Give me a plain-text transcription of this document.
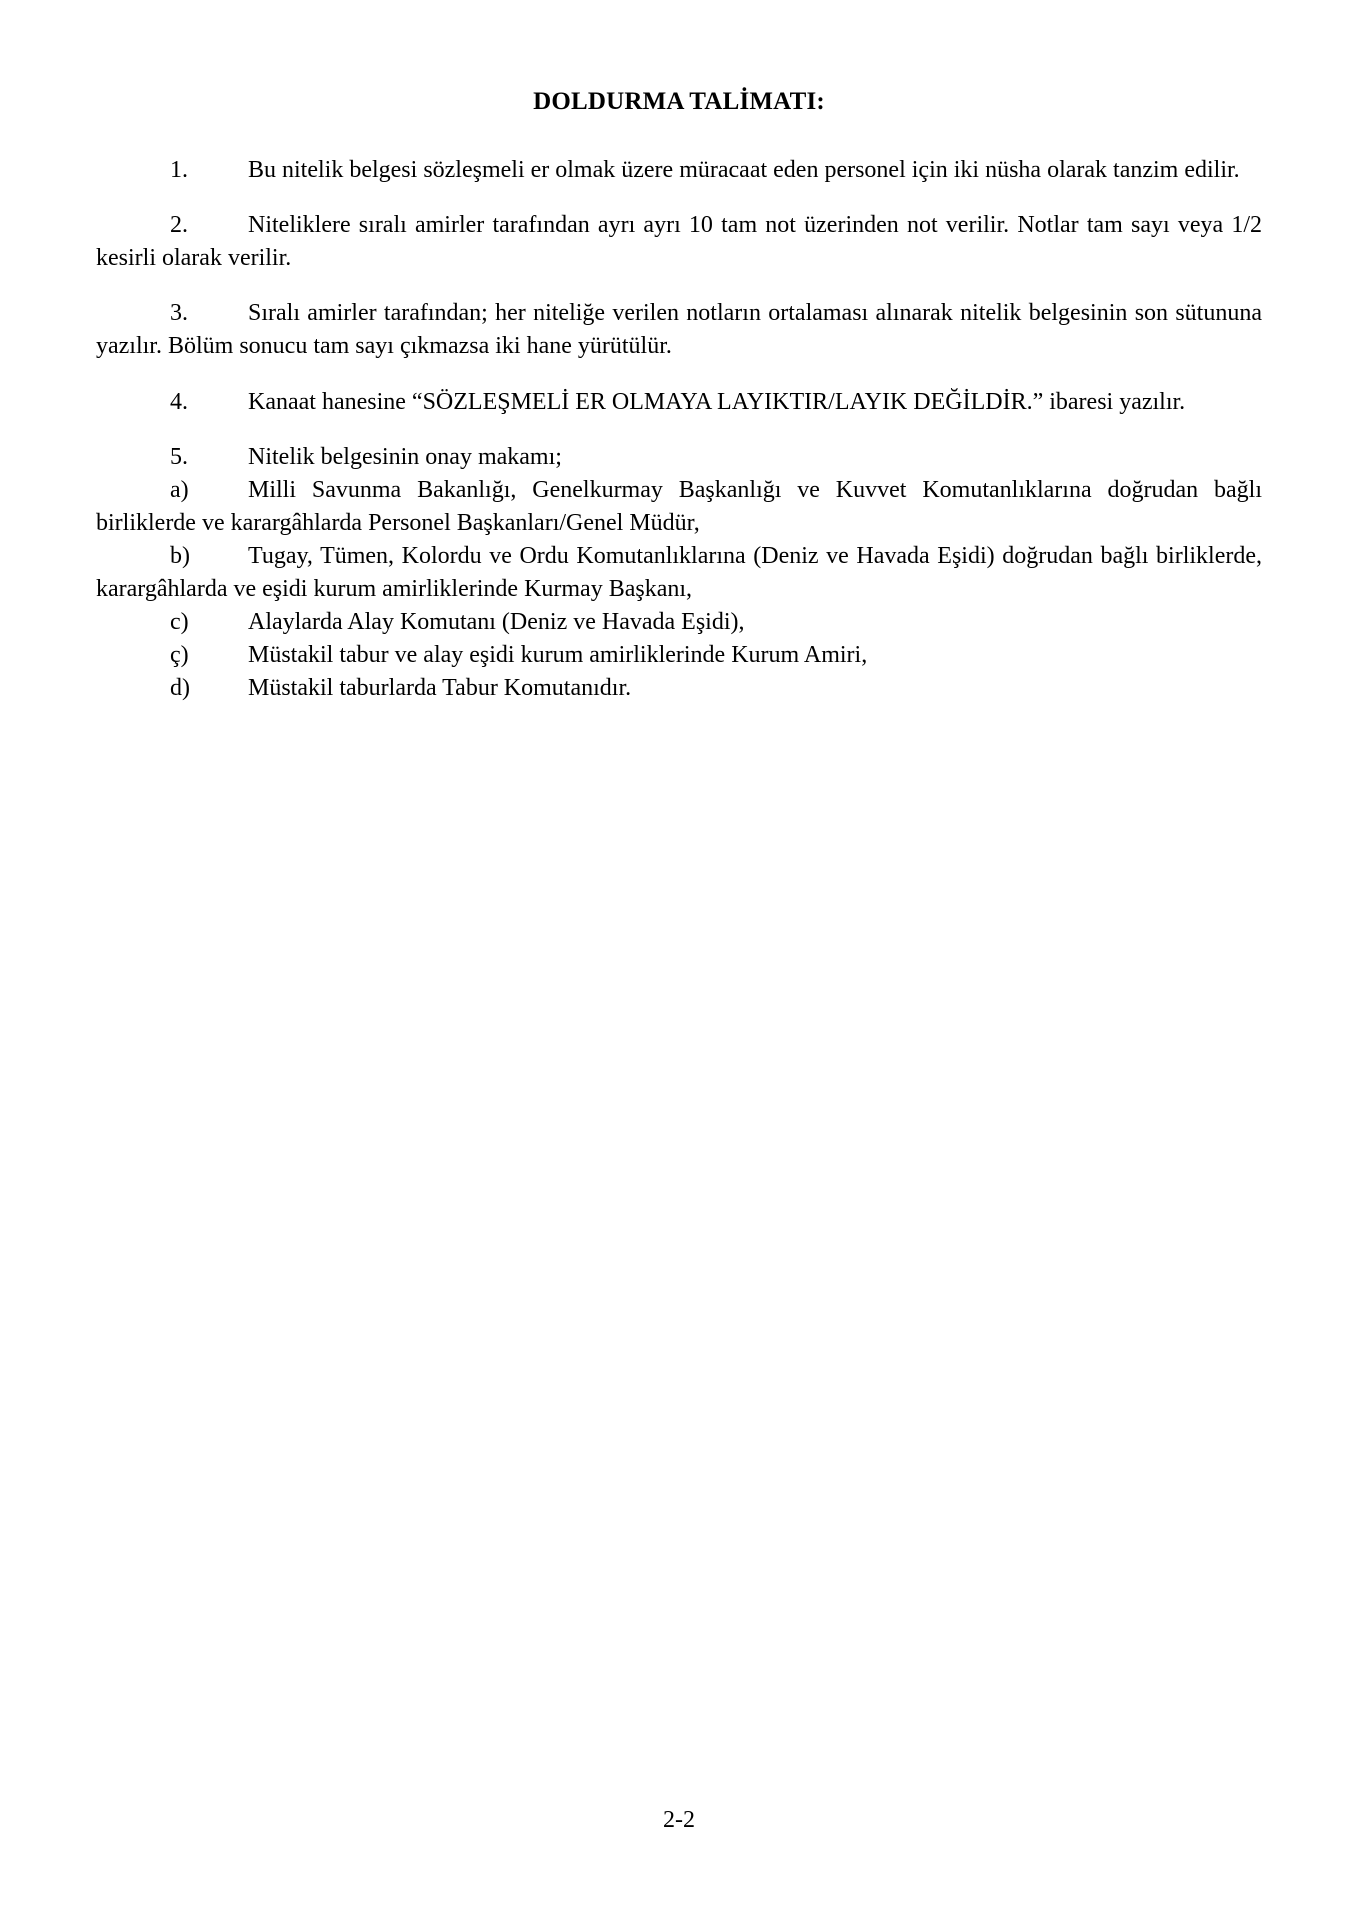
DOLDURMA TALİMATI:

1.	Bu nitelik belgesi sözleşmeli er olmak üzere müracaat eden personel için iki nüsha olarak tanzim edilir.

2.	Niteliklere sıralı amirler tarafından ayrı ayrı 10 tam not üzerinden not verilir. Notlar tam sayı veya 1/2 kesirli olarak verilir.

3.	Sıralı amirler tarafından; her niteliğe verilen notların ortalaması alınarak nitelik belgesinin son sütununa yazılır. Bölüm sonucu tam sayı çıkmazsa iki hane yürütülür.

4.	Kanaat hanesine “SÖZLEŞMELİ ER OLMAYA LAYIKTIR/LAYIK DEĞİLDİR.” ibaresi yazılır.

5.	Nitelik belgesinin onay makamı;

a) Milli Savunma Bakanlığı, Genelkurmay Başkanlığı ve Kuvvet Komutanlıklarına doğrudan bağlı birliklerde ve karargâhlarda Personel Başkanları/Genel Müdür,

b) Tugay, Tümen, Kolordu ve Ordu Komutanlıklarına (Deniz ve Havada Eşidi) doğrudan bağlı birliklerde, karargâhlarda ve eşidi kurum amirliklerinde Kurmay Başkanı,

c) Alaylarda Alay Komutanı (Deniz ve Havada Eşidi),

ç) Müstakil tabur ve alay eşidi kurum amirliklerinde Kurum Amiri,

d) Müstakil taburlarda Tabur Komutanıdır.

2-2
